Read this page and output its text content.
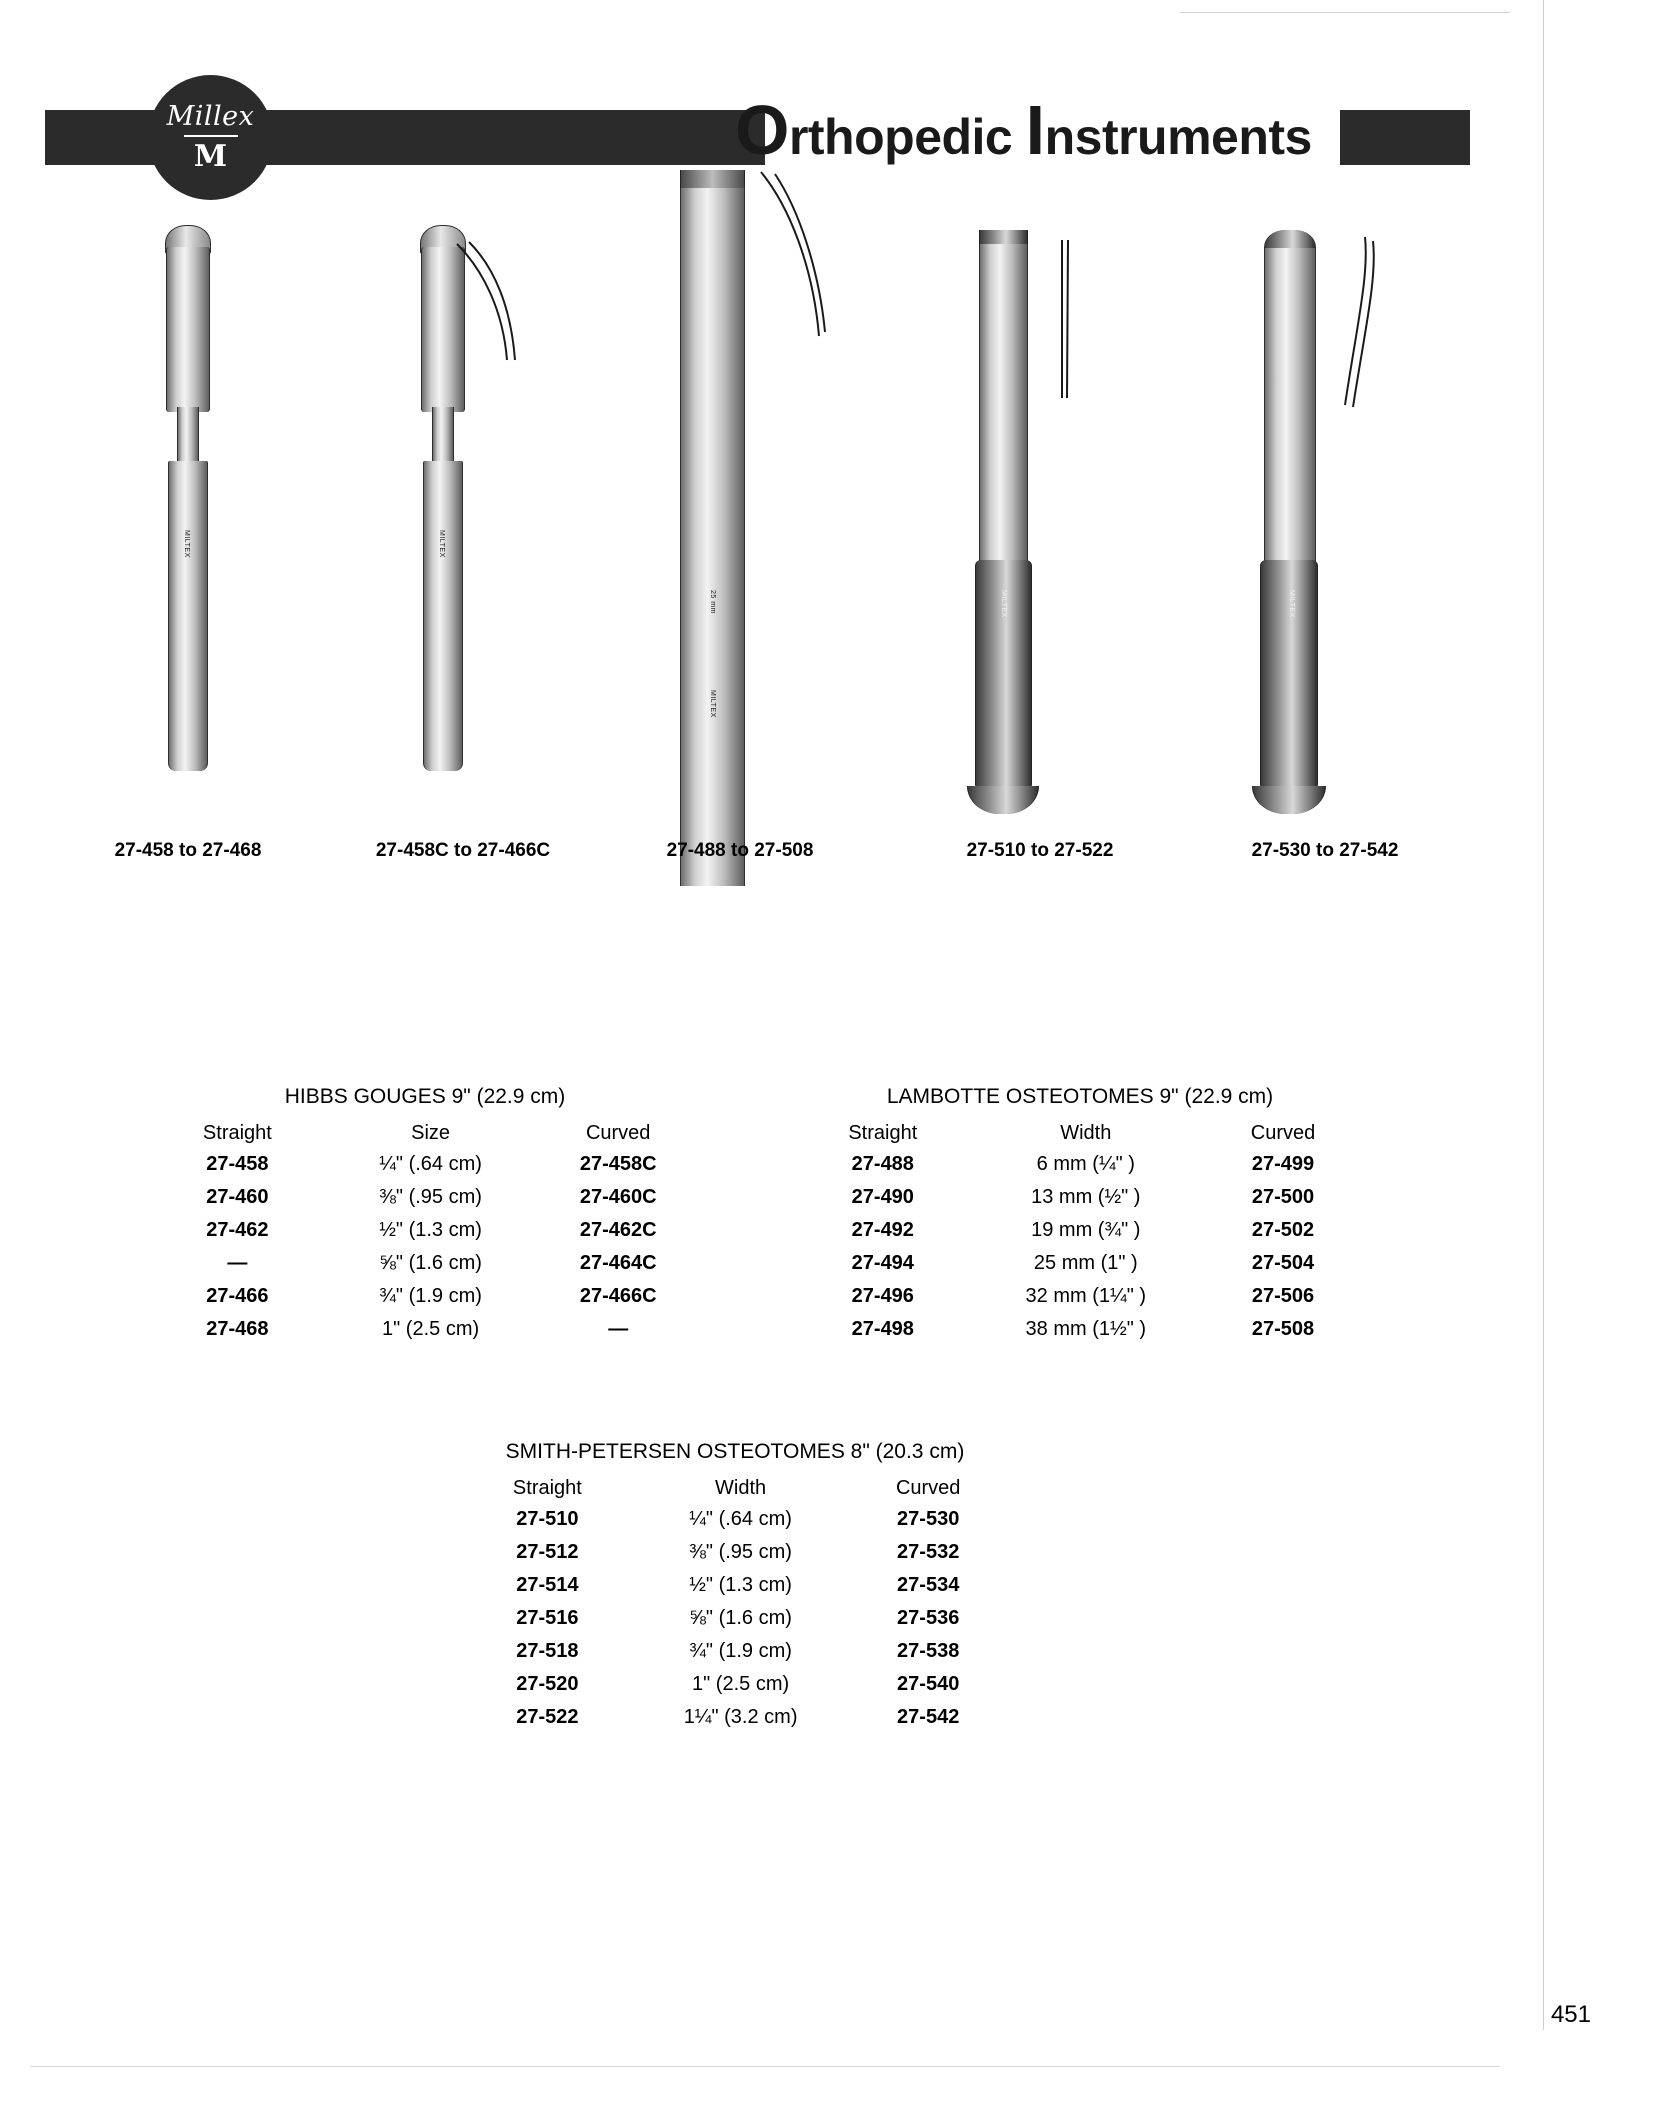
Millex
M	Orthopedic Instruments
MILTEX
27-458 to 27-468
MILTEX
27-458C to 27-466C
25 mm
MILTEX
27-488 to 27-508
MILTEX
27-510 to 27-522
MILTEX
27-530 to 27-542
HIBBS GOUGES 9" (22.9 cm)
Straight	Size	Curved
27-458	¼" (.64 cm)	27-458C
27-460	⅜" (.95 cm)	27-460C
27-462	½" (1.3 cm)	27-462C
—	⅝" (1.6 cm)	27-464C
27-466	¾" (1.9 cm)	27-466C
27-468	1" (2.5 cm)	—
LAMBOTTE OSTEOTOMES 9" (22.9 cm)
Straight	Width	Curved
27-488	6 mm (¼" )	27-499
27-490	13 mm (½" )	27-500
27-492	19 mm (¾" )	27-502
27-494	25 mm (1" )	27-504
27-496	32 mm (1¼" )	27-506
27-498	38 mm (1½" )	27-508
SMITH-PETERSEN OSTEOTOMES 8" (20.3 cm)
Straight	Width	Curved
27-510	¼" (.64 cm)	27-530
27-512	⅜" (.95 cm)	27-532
27-514	½" (1.3 cm)	27-534
27-516	⅝" (1.6 cm)	27-536
27-518	¾" (1.9 cm)	27-538
27-520	1" (2.5 cm)	27-540
27-522	1¼" (3.2 cm)	27-542
451
